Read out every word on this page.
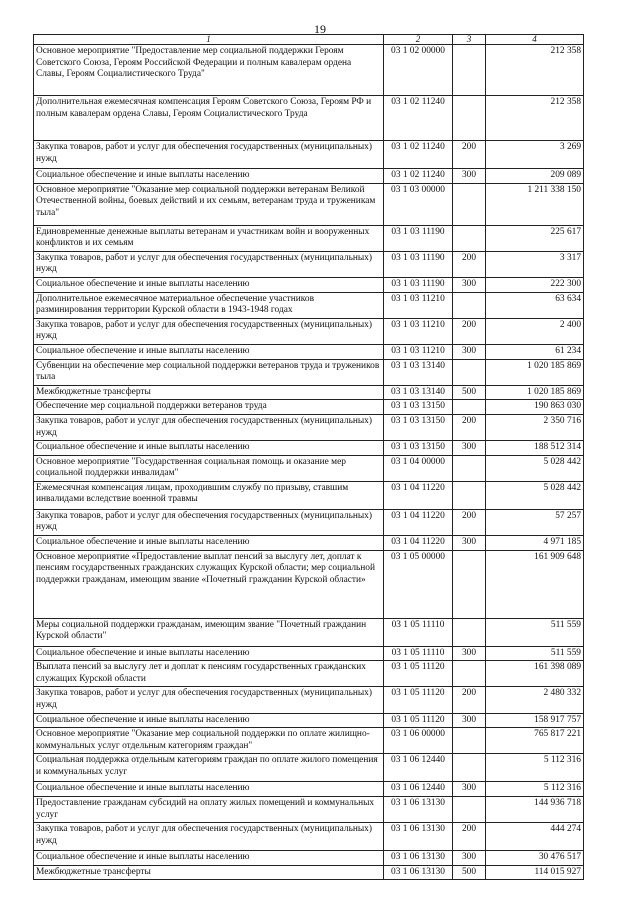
19
1	2	3	4
Основное мероприятие "Предоставление мер социальной поддержки Героям Советского Союза, Героям Российской Федерации и полным кавалерам ордена Славы, Героям Социалистического Труда"	03 1 02 00000		212 358
Дополнительная ежемесячная компенсация Героям Советского Союза, Героям РФ и полным кавалерам ордена Славы, Героям Социалистического Труда	03 1 02 11240		212 358
Закупка товаров, работ и услуг для обеспечения государственных (муниципальных) нужд	03 1 02 11240	200	3 269
Социальное обеспечение и иные выплаты населению	03 1 02 11240	300	209 089
Основное мероприятие "Оказание мер социальной поддержки ветеранам Великой Отечественной войны, боевых действий и их семьям, ветеранам труда и труженикам тыла"	03 1 03 00000		1 211 338 150
Единовременные денежные выплаты ветеранам и участникам войн и вооруженных конфликтов и их семьям	03 1 03 11190		225 617
Закупка товаров, работ и услуг для обеспечения государственных (муниципальных) нужд	03 1 03 11190	200	3 317
Социальное обеспечение и иные выплаты населению	03 1 03 11190	300	222 300
Дополнительное ежемесячное материальное обеспечение участников разминирования территории Курской области в 1943-1948 годах	03 1 03 11210		63 634
Закупка товаров, работ и услуг для обеспечения государственных (муниципальных) нужд	03 1 03 11210	200	2 400
Социальное обеспечение и иные выплаты населению	03 1 03 11210	300	61 234
Субвенции на обеспечение мер социальной поддержки ветеранов труда и тружеников тыла	03 1 03 13140		1 020 185 869
Межбюджетные трансферты	03 1 03 13140	500	1 020 185 869
Обеспечение мер социальной поддержки ветеранов труда	03 1 03 13150		190 863 030
Закупка товаров, работ и услуг для обеспечения государственных (муниципальных) нужд	03 1 03 13150	200	2 350 716
Социальное обеспечение и иные выплаты населению	03 1 03 13150	300	188 512 314
Основное мероприятие "Государственная социальная помощь и оказание мер социальной поддержки инвалидам"	03 1 04 00000		5 028 442
Ежемесячная компенсация лицам, проходившим службу по призыву, ставшим инвалидами вследствие военной травмы	03 1 04 11220		5 028 442
Закупка товаров, работ и услуг для обеспечения государственных (муниципальных) нужд	03 1 04 11220	200	57 257
Социальное обеспечение и иные выплаты населению	03 1 04 11220	300	4 971 185
Основное мероприятие «Предоставление выплат пенсий за выслугу лет, доплат к пенсиям государственных гражданских служащих Курской области; мер социальной поддержки гражданам, имеющим звание «Почетный гражданин Курской области»	03 1 05 00000		161 909 648
Меры социальной поддержки гражданам, имеющим звание "Почетный гражданин Курской области"	03 1 05 11110		511 559
Социальное обеспечение и иные выплаты населению	03 1 05 11110	300	511 559
Выплата пенсий за выслугу лет и доплат к пенсиям государственных гражданских служащих Курской области	03 1 05 11120		161 398 089
Закупка товаров, работ и услуг для обеспечения государственных (муниципальных) нужд	03 1 05 11120	200	2 480 332
Социальное обеспечение и иные выплаты населению	03 1 05 11120	300	158 917 757
Основное мероприятие "Оказание мер социальной поддержки по оплате жилищно-коммунальных услуг отдельным категориям граждан"	03 1 06 00000		765 817 221
Социальная поддержка отдельным категориям граждан по оплате жилого помещения и коммунальных услуг	03 1 06 12440		5 112 316
Социальное обеспечение и иные выплаты населению	03 1 06 12440	300	5 112 316
Предоставление гражданам субсидий на оплату жилых помещений и коммунальных услуг	03 1 06 13130		144 936 718
Закупка товаров, работ и услуг для обеспечения государственных (муниципальных) нужд	03 1 06 13130	200	444 274
Социальное обеспечение и иные выплаты населению	03 1 06 13130	300	30 476 517
Межбюджетные трансферты	03 1 06 13130	500	114 015 927
